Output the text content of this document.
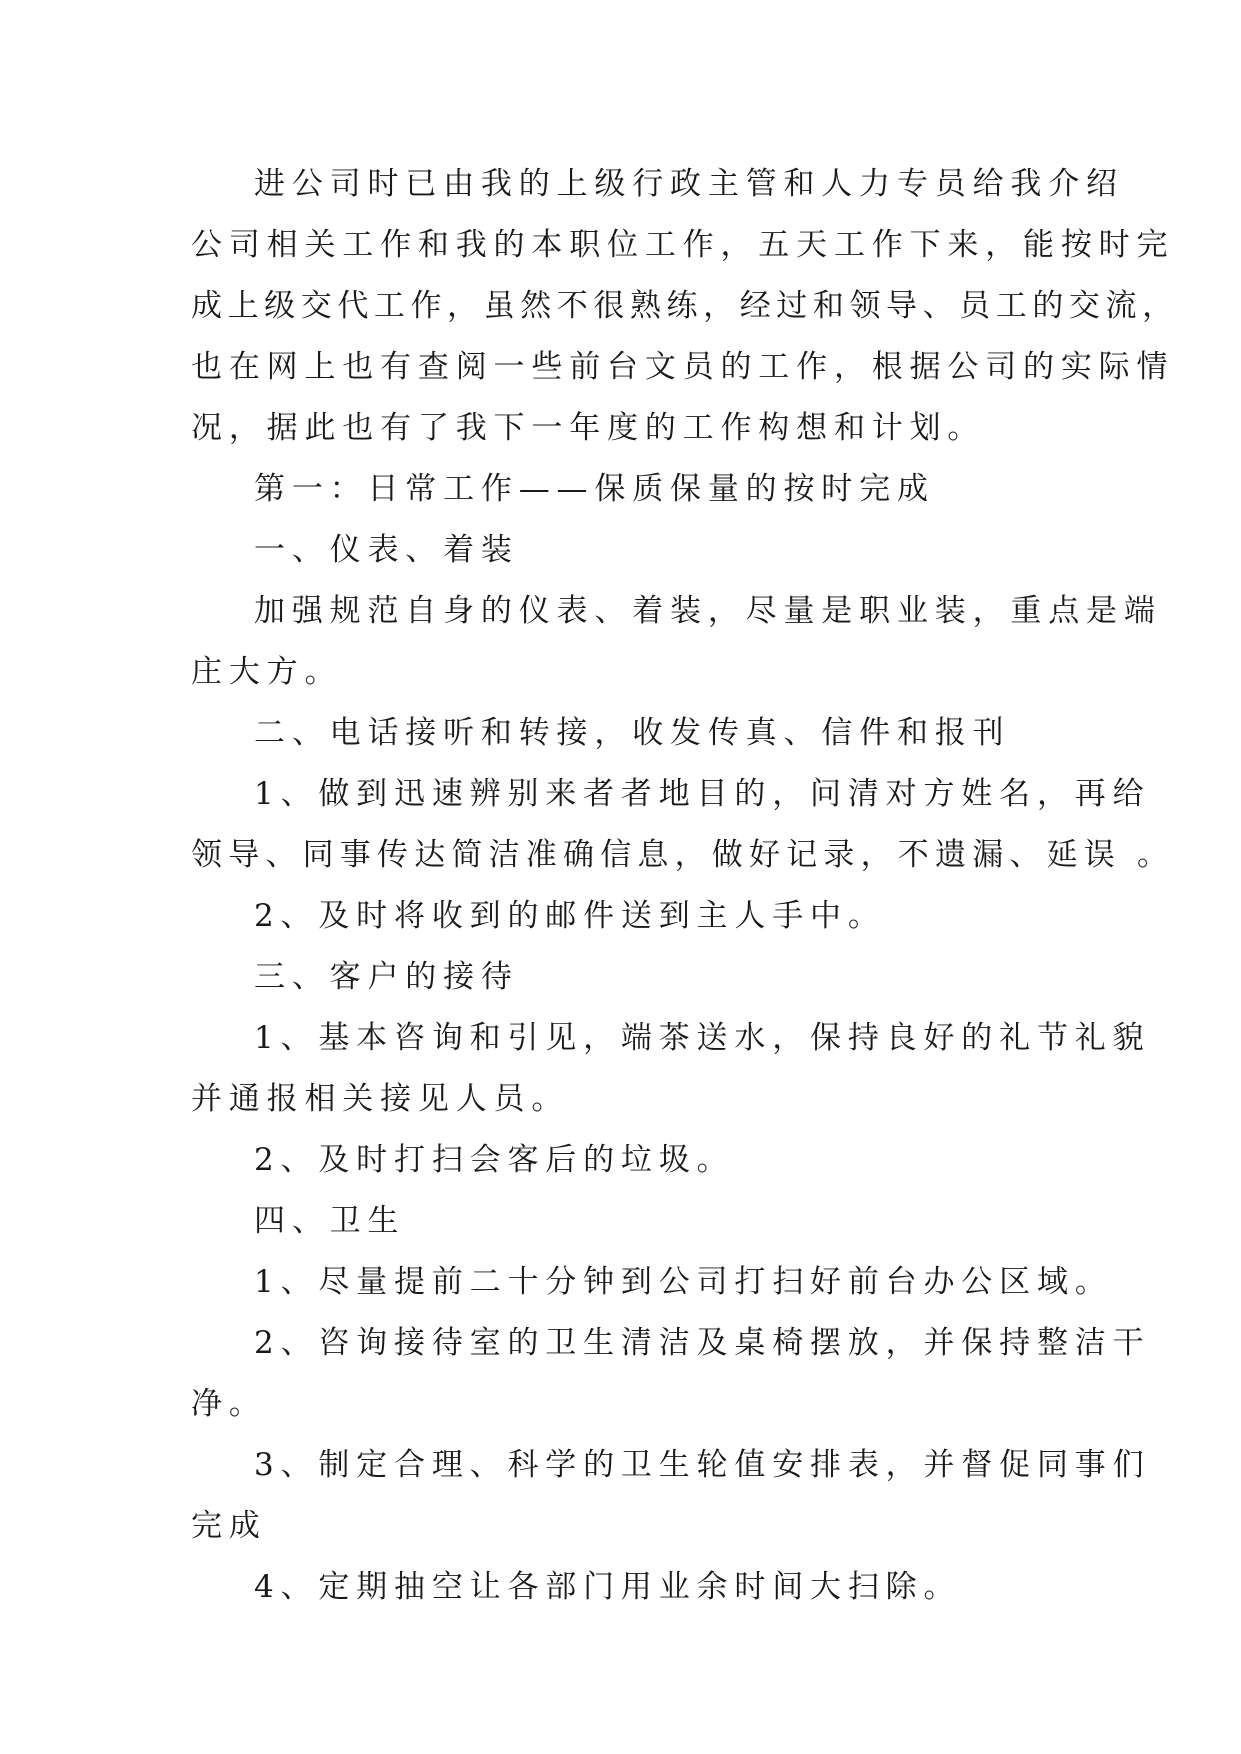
进公司时已由我的上级行政主管和人力专员给我介绍

公司相关工作和我的本职位工作，五天工作下来，能按时完

成上级交代工作，虽然不很熟练，经过和领导、员工的交流，

也在网上也有查阅一些前台文员的工作，根据公司的实际情

况，据此也有了我下一年度的工作构想和计划。

第一：日常工作——保质保量的按时完成

一、仪表、着装

加强规范自身的仪表、着装，尽量是职业装，重点是端

庄大方。

二、电话接听和转接，收发传真、信件和报刊

1、做到迅速辨别来者者地目的，问清对方姓名，再给

领导、同事传达简洁准确信息，做好记录，不遗漏、延误 。

2、及时将收到的邮件送到主人手中。

三、客户的接待

1、基本咨询和引见，端茶送水，保持良好的礼节礼貌

并通报相关接见人员。

2、及时打扫会客后的垃圾。

四、卫生

1、尽量提前二十分钟到公司打扫好前台办公区域。

2、咨询接待室的卫生清洁及桌椅摆放，并保持整洁干

净。

3、制定合理、科学的卫生轮值安排表，并督促同事们

完成

4、定期抽空让各部门用业余时间大扫除。
